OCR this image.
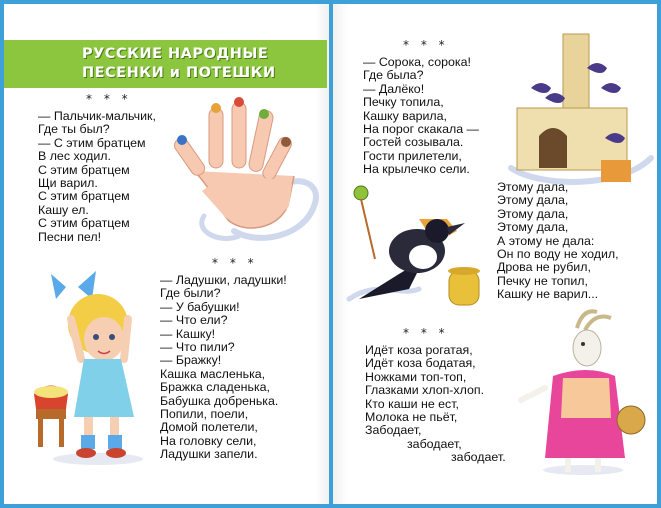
РУССКИЕ НАРОДНЫЕ
ПЕСЕНКИ и ПОТЕШКИ
* * *
— Пальчик-мальчик,
Где ты был?
— С этим братцем
В лес ходил.
С этим братцем
Щи варил.
С этим братцем
Кашу ел.
С этим братцем
Песни пел!
* * *
— Ладушки, ладушки!
Где были?
— У бабушки!
— Что ели?
— Кашку!
— Что пили?
— Бражку!
Кашка масленька,
Бражка сладенька,
Бабушка добренька.
Попили, поели,
Домой полетели,
На головку сели,
Ладушки запели.
* * *
— Сорока, сорока!
Где была?
— Далёко!
Печку топила,
Кашку варила,
На порог скакала —
Гостей созывала.
Гости прилетели,
На крылечко сели.
Этому дала,
Этому дала,
Этому дала,
Этому дала,
А этому не дала:
Он по воду не ходил,
Дрова не рубил,
Печку не топил,
Кашку не варил...
* * *
Идёт коза рогатая,
Идёт коза бодатая,
Ножками топ-топ,
Глазками хлоп-хлоп.
Кто каши не ест,
Молока не пьёт,
Забодает,
забодает,
забодает.
